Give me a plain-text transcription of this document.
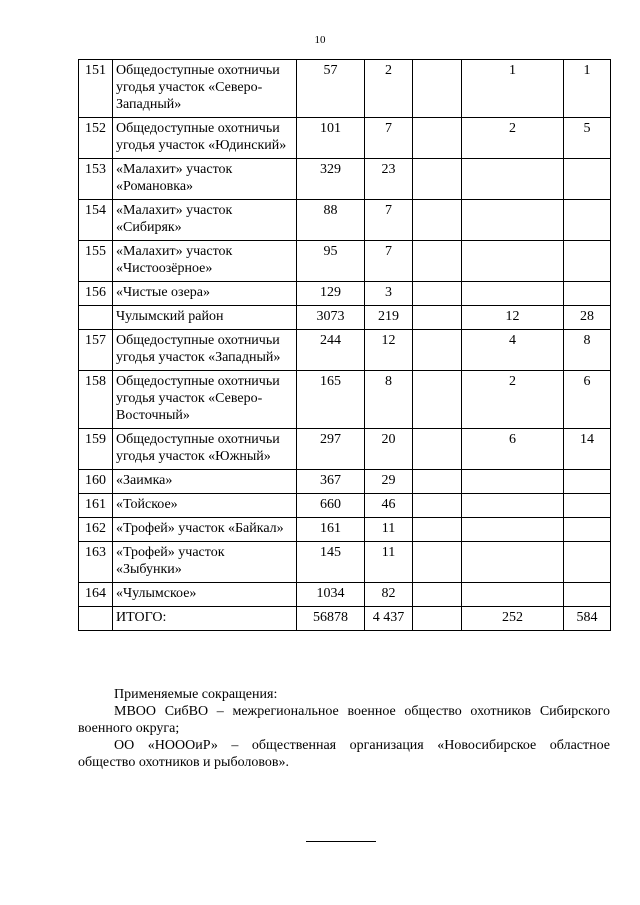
10
151	Общедоступные охотничьи угодья участок «Северо-Западный»	57	2		1	1
152	Общедоступные охотничьи угодья участок «Юдинский»	101	7		2	5
153	«Малахит» участок «Романовка»	329	23			
154	«Малахит» участок «Сибиряк»	88	7			
155	«Малахит» участок «Чистоозёрное»	95	7			
156	«Чистые озера»	129	3			
	Чулымский район	3073	219		12	28
157	Общедоступные охотничьи угодья участок «Западный»	244	12		4	8
158	Общедоступные охотничьи угодья участок «Северо-Восточный»	165	8		2	6
159	Общедоступные охотничьи угодья участок «Южный»	297	20		6	14
160	«Заимка»	367	29			
161	«Тойское»	660	46			
162	«Трофей» участок «Байкал»	161	11			
163	«Трофей» участок «Зыбунки»	145	11			
164	«Чулымское»	1034	82			
	ИТОГО:	56878	4 437		252	584

Применяемые сокращения:

МВОО СибВО – межрегиональное военное общество охотников Сибирского военного округа;

ОО «НОООиР» – общественная организация «Новосибирское областное общество охотников и рыболовов».
